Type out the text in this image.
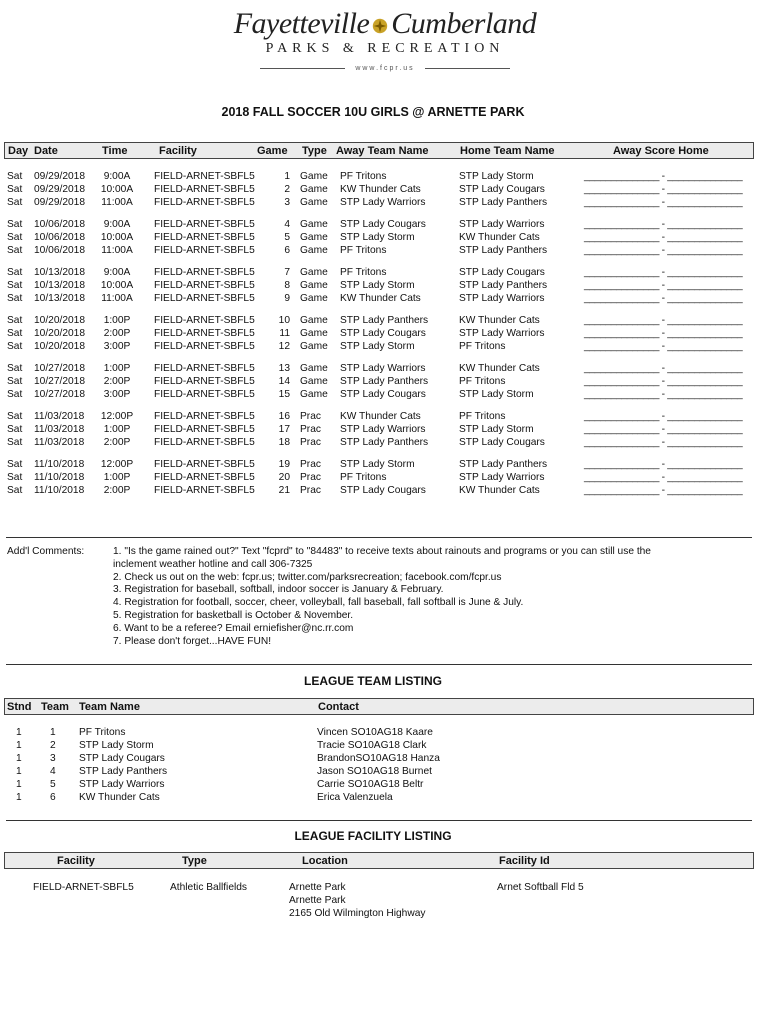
Fayetteville Cumberland
PARKS & RECREATION
www.fcpr.us
2018 FALL SOCCER 10U GIRLS @ ARNETTE PARK
Day Date	Time	Facility	Game Type Away Team Name	Home Team Name	Away Score Home
Sat 09/29/2018	9:00A	FIELD-ARNET-SBFL5	1 Game PF Tritons	STP Lady Storm	______________ - ______________
Sat 09/29/2018 10:00A FIELD-ARNET-SBFL5	2 Game KW Thunder Cats	STP Lady Cougars	______________ - ______________
Sat 09/29/2018 11:00A FIELD-ARNET-SBFL5	3 Game STP Lady Warriors	STP Lady Panthers	______________ - ______________
Sat 10/06/2018	9:00A	FIELD-ARNET-SBFL5	4 Game STP Lady Cougars	STP Lady Warriors	______________ - ______________
Sat 10/06/2018 10:00A FIELD-ARNET-SBFL5	5 Game STP Lady Storm	KW Thunder Cats	______________ - ______________
Sat 10/06/2018 11:00A FIELD-ARNET-SBFL5	6 Game PF Tritons	STP Lady Panthers	______________ - ______________
Sat 10/13/2018	9:00A	FIELD-ARNET-SBFL5	7 Game PF Tritons	STP Lady Cougars	______________ - ______________
Sat 10/13/2018 10:00A FIELD-ARNET-SBFL5	8 Game STP Lady Storm	STP Lady Panthers	______________ - ______________
Sat 10/13/2018 11:00A FIELD-ARNET-SBFL5	9 Game KW Thunder Cats	STP Lady Warriors	______________ - ______________
Sat 10/20/2018	1:00P	FIELD-ARNET-SBFL5	10 Game STP Lady Panthers	KW Thunder Cats	______________ - ______________
Sat 10/20/2018	2:00P	FIELD-ARNET-SBFL5	11 Game STP Lady Cougars	STP Lady Warriors	______________ - ______________
Sat 10/20/2018	3:00P	FIELD-ARNET-SBFL5	12 Game STP Lady Storm	PF Tritons	______________ - ______________
Sat 10/27/2018	1:00P	FIELD-ARNET-SBFL5	13 Game STP Lady Warriors	KW Thunder Cats	______________ - ______________
Sat 10/27/2018	2:00P	FIELD-ARNET-SBFL5	14 Game STP Lady Panthers	PF Tritons	______________ - ______________
Sat 10/27/2018	3:00P	FIELD-ARNET-SBFL5	15 Game STP Lady Cougars	STP Lady Storm	______________ - ______________
Sat 11/03/2018 12:00P FIELD-ARNET-SBFL5	16 Prac KW Thunder Cats	PF Tritons	______________ - ______________
Sat 11/03/2018	1:00P	FIELD-ARNET-SBFL5	17 Prac STP Lady Warriors	STP Lady Storm	______________ - ______________
Sat 11/03/2018	2:00P	FIELD-ARNET-SBFL5	18 Prac STP Lady Panthers	STP Lady Cougars	______________ - ______________
Sat 11/10/2018 12:00P FIELD-ARNET-SBFL5	19 Prac STP Lady Storm	STP Lady Panthers	______________ - ______________
Sat 11/10/2018	1:00P	FIELD-ARNET-SBFL5	20 Prac PF Tritons	STP Lady Warriors	______________ - ______________
Sat 11/10/2018	2:00P	FIELD-ARNET-SBFL5	21 Prac STP Lady Cougars	KW Thunder Cats	______________ - ______________
Add'l Comments:	1. "Is the game rained out?" Text "fcprd" to "84483" to receive texts about rainouts and programs or you can still use the
inclement weather hotline and call 306-7325
2. Check us out on the web: fcpr.us; twitter.com/parksrecreation; facebook.com/fcpr.us
3. Registration for baseball, softball, indoor soccer is January & February.
4. Registration for football, soccer, cheer, volleyball, fall baseball, fall softball is June & July.
5. Registration for basketball is October & November.
6. Want to be a referee? Email erniefisher@nc.rr.com
7. Please don't forget...HAVE FUN!
LEAGUE TEAM LISTING
Stnd Team Team Name	Contact
1	1 PF Tritons	Vincen SO10AG18 Kaare
1	2 STP Lady Storm	Tracie SO10AG18 Clark
1	3 STP Lady Cougars	BrandonSO10AG18 Hanza
1	4 STP Lady Panthers	Jason SO10AG18 Burnet
1	5 STP Lady Warriors	Carrie SO10AG18 Beltr
1	6 KW Thunder Cats	Erica Valenzuela
LEAGUE FACILITY LISTING
Facility	Type	Location	Facility Id
FIELD-ARNET-SBFL5	Athletic Ballfields	Arnette Park
Arnette Park
2165 Old Wilmington Highway
Arnet Softball Fld 5
